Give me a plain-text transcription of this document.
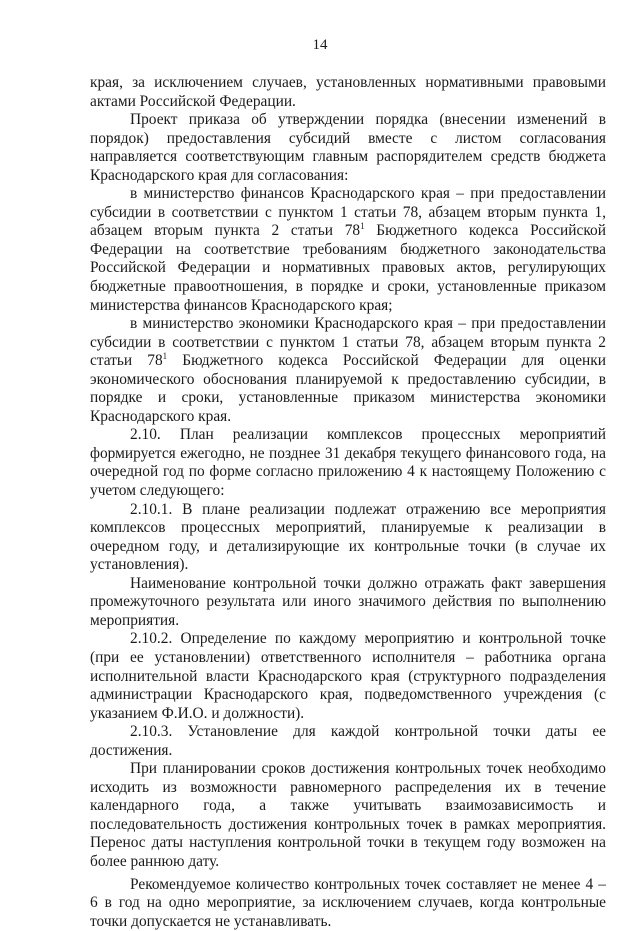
14

края, за исключением случаев, установленных нормативными правовыми актами Российской Федерации.

Проект приказа об утверждении порядка (внесении изменений в порядок) предоставления субсидий вместе с листом согласования направляется соответствующим главным распорядителем средств бюджета Краснодарского края для согласования:

в министерство финансов Краснодарского края – при предоставлении субсидии в соответствии с пунктом 1 статьи 78, абзацем вторым пункта 1, абзацем вторым пункта 2 статьи $78^1$ Бюджетного кодекса Российской Федерации на соответствие требованиям бюджетного законодательства Российской Федерации и нормативных правовых актов, регулирующих бюджетные правоотношения, в порядке и сроки, установленные приказом министерства финансов Краснодарского края;

в министерство экономики Краснодарского края – при предоставлении субсидии в соответствии с пунктом 1 статьи 78, абзацем вторым пункта 2 статьи $78^1$ Бюджетного кодекса Российской Федерации для оценки экономического обоснования планируемой к предоставлению субсидии, в порядке и сроки, установленные приказом министерства экономики Краснодарского края.

2.10. План реализации комплексов процессных мероприятий формируется ежегодно, не позднее 31 декабря текущего финансового года, на очередной год по форме согласно приложению 4 к настоящему Положению с учетом следующего:

2.10.1. В плане реализации подлежат отражению все мероприятия комплексов процессных мероприятий, планируемые к реализации в очередном году, и детализирующие их контрольные точки (в случае их установления).

Наименование контрольной точки должно отражать факт завершения промежуточного результата или иного значимого действия по выполнению мероприятия.

2.10.2. Определение по каждому мероприятию и контрольной точке (при ее установлении) ответственного исполнителя – работника органа исполнительной власти Краснодарского края (структурного подразделения администрации Краснодарского края, подведомственного учреждения (с указанием Ф.И.О. и должности).

2.10.3. Установление для каждой контрольной точки даты ее достижения.

При планировании сроков достижения контрольных точек необходимо исходить из возможности равномерного распределения их в течение календарного года, а также учитывать взаимозависимость и последовательность достижения контрольных точек в рамках мероприятия. Перенос даты наступления контрольной точки в текущем году возможен на более раннюю дату.

Рекомендуемое количество контрольных точек составляет не менее 4 – 6 в год на одно мероприятие, за исключением случаев, когда контрольные точки допускается не устанавливать.
